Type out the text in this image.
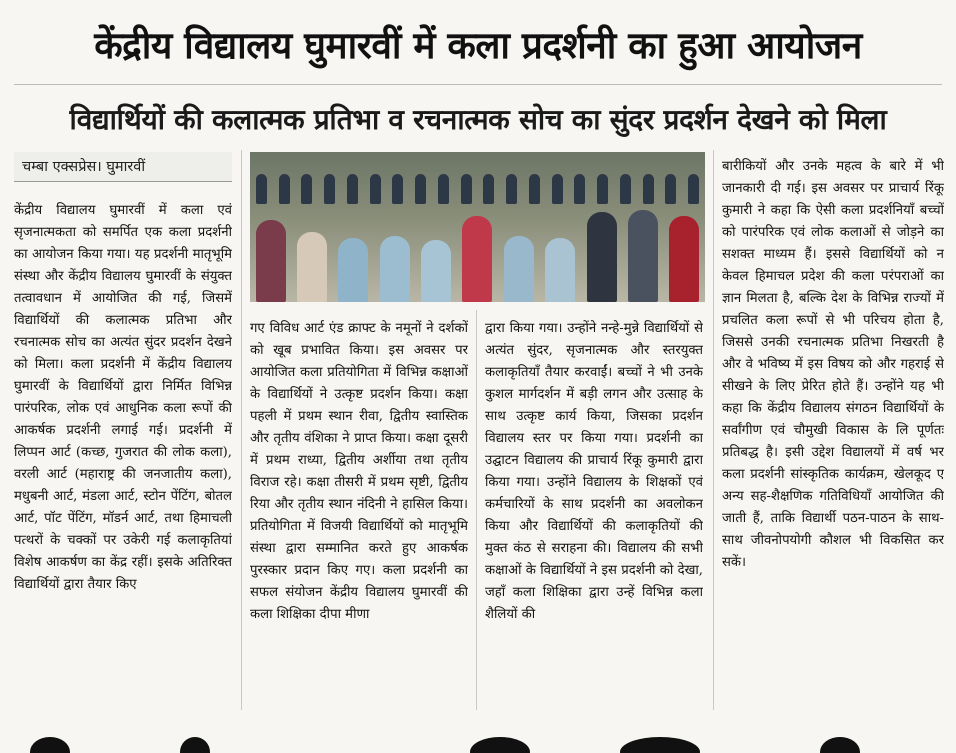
केंद्रीय विद्यालय घुमारवीं में कला प्रदर्शनी का हुआ आयोजन
विद्यार्थियों की कलात्मक प्रतिभा व रचनात्मक सोच का सुंदर प्रदर्शन देखने को मिला
चम्बा एक्सप्रेस। घुमारवीं

केंद्रीय विद्यालय घुमारवीं में कला एवं सृजनात्मकता को समर्पित एक कला प्रदर्शनी का आयोजन किया गया। यह प्रदर्शनी मातृभूमि संस्था और केंद्रीय विद्यालय घुमारवीं के संयुक्त तत्वावधान में आयोजित की गई, जिसमें विद्यार्थियों की कलात्मक प्रतिभा और रचनात्मक सोच का अत्यंत सुंदर प्रदर्शन देखने को मिला। कला प्रदर्शनी में केंद्रीय विद्यालय घुमारवीं के विद्यार्थियों द्वारा निर्मित विभिन्न पारंपरिक, लोक एवं आधुनिक कला रूपों की आकर्षक प्रदर्शनी लगाई गई। प्रदर्शनी में लिप्पन आर्ट (कच्छ, गुजरात की लोक कला), वरली आर्ट (महाराष्ट्र की जनजातीय कला), मधुबनी आर्ट, मंडला आर्ट, स्टोन पेंटिंग, बोतल आर्ट, पॉट पेंटिंग, मॉडर्न आर्ट, तथा हिमाचली पत्थरों के चक्कों पर उकेरी गई कलाकृतियां विशेष आकर्षण का केंद्र रहीं। इसके अतिरिक्त विद्यार्थियों द्वारा तैयार किए

गए विविध आर्ट एंड क्राफ्ट के नमूनों ने दर्शकों को खूब प्रभावित किया। इस अवसर पर आयोजित कला प्रतियोगिता में विभिन्न कक्षाओं के विद्यार्थियों ने उत्कृष्ट प्रदर्शन किया। कक्षा पहली में प्रथम स्थान रीवा, द्वितीय स्वास्तिक और तृतीय वंशिका ने प्राप्त किया। कक्षा दूसरी में प्रथम राध्या, द्वितीय अर्शीया तथा तृतीय विराज रहे। कक्षा तीसरी में प्रथम सृष्टी, द्वितीय रिया और तृतीय स्थान नंदिनी ने हासिल किया। प्रतियोगिता में विजयी विद्यार्थियों को मातृभूमि संस्था द्वारा सम्मानित करते हुए आकर्षक पुरस्कार प्रदान किए गए। कला प्रदर्शनी का सफल संयोजन केंद्रीय विद्यालय घुमारवीं की कला शिक्षिका दीपा मीणा

द्वारा किया गया। उन्होंने नन्हे-मुन्ने विद्यार्थियों से अत्यंत सुंदर, सृजनात्मक और स्तरयुक्त कलाकृतियाँ तैयार करवाईं। बच्चों ने भी उनके कुशल मार्गदर्शन में बड़ी लगन और उत्साह के साथ उत्कृष्ट कार्य किया, जिसका प्रदर्शन विद्यालय स्तर पर किया गया। प्रदर्शनी का उद्घाटन विद्यालय की प्राचार्य रिंकू कुमारी द्वारा किया गया। उन्होंने विद्यालय के शिक्षकों एवं कर्मचारियों के साथ प्रदर्शनी का अवलोकन किया और विद्यार्थियों की कलाकृतियों की मुक्त कंठ से सराहना की। विद्यालय की सभी कक्षाओं के विद्यार्थियों ने इस प्रदर्शनी को देखा, जहाँ कला शिक्षिका द्वारा उन्हें विभिन्न कला शैलियों की

बारीकियों और उनके महत्व के बारे में भी जानकारी दी गई। इस अवसर पर प्राचार्य रिंकू कुमारी ने कहा कि ऐसी कला प्रदर्शनियाँ बच्चों को पारंपरिक एवं लोक कलाओं से जोड़ने का सशक्त माध्यम हैं। इससे विद्यार्थियों को न केवल हिमाचल प्रदेश की कला परंपराओं का ज्ञान मिलता है, बल्कि देश के विभिन्न राज्यों में प्रचलित कला रूपों से भी परिचय होता है, जिससे उनकी रचनात्मक प्रतिभा निखरती है और वे भविष्य में इस विषय को और गहराई से सीखने के लिए प्रेरित होते हैं। उन्होंने यह भी कहा कि केंद्रीय विद्यालय संगठन विद्यार्थियों के सर्वांगीण एवं चौमुखी विकास के लि पूर्णतः प्रतिबद्ध है। इसी उद्देश विद्यालयों में वर्ष भर कला प्रदर्शनी सांस्कृतिक कार्यक्रम, खेलकूद ए अन्य सह-शैक्षणिक गतिविधियाँ आयोजित की जाती हैं, ताकि विद्यार्थी पठन-पाठन के साथ-साथ जीवनोपयोगी कौशल भी विकसित कर सकें।
